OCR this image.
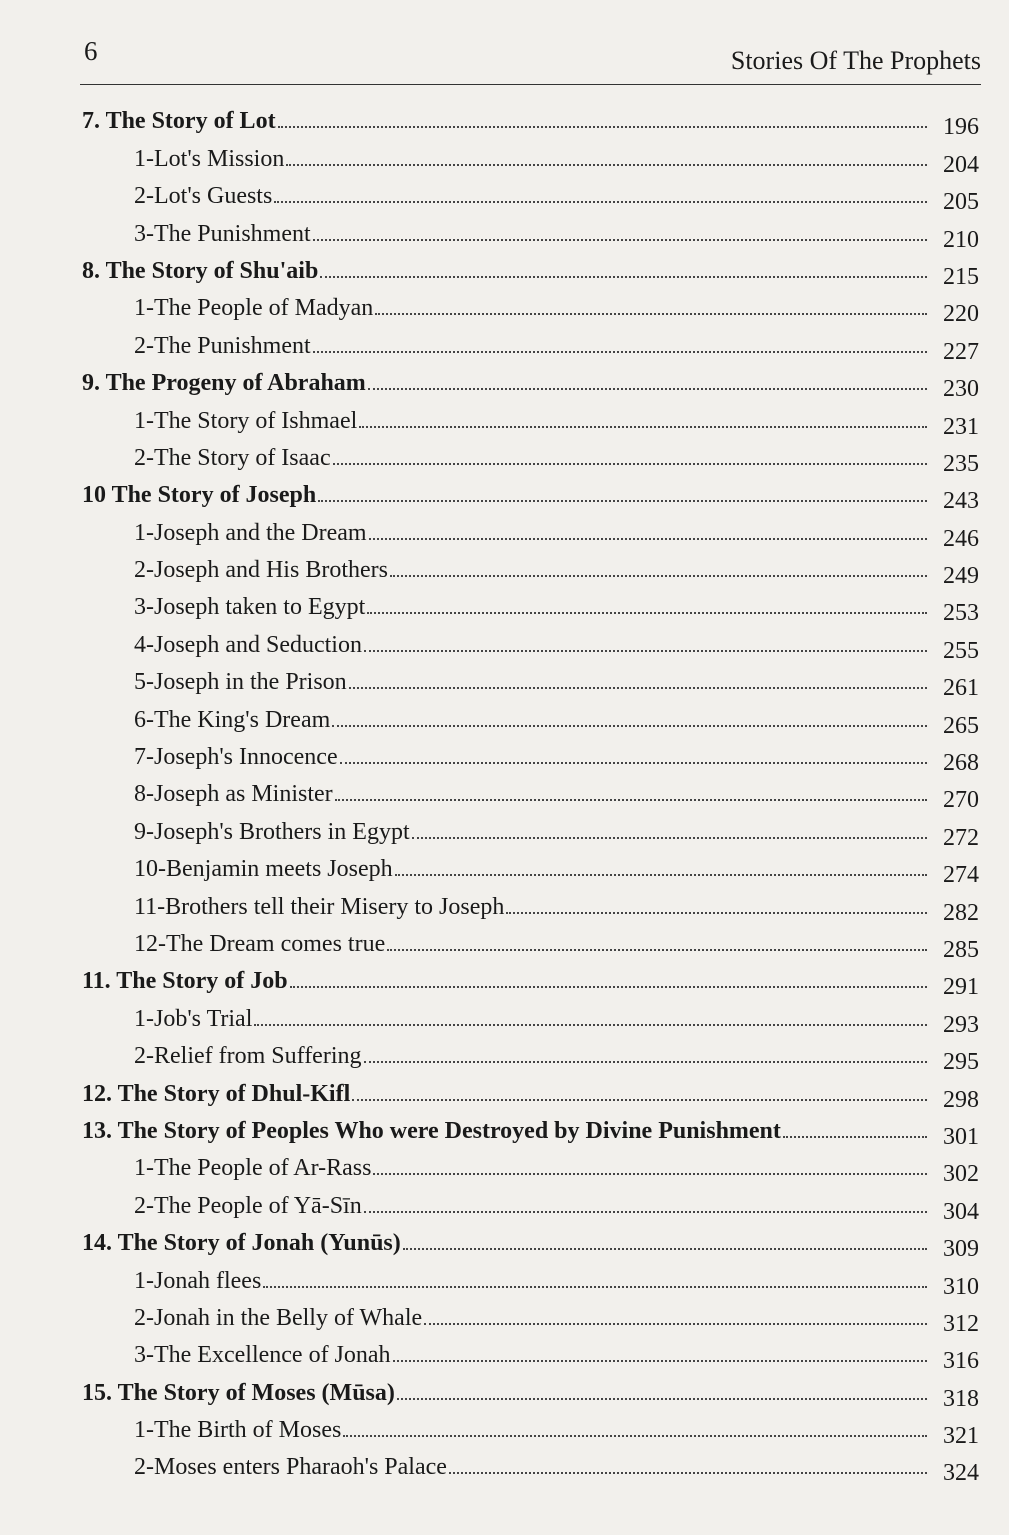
6	Stories Of The Prophets
7. The Story of Lot	196
1-Lot's Mission	204
2-Lot's Guests	205
3-The Punishment	210
8. The Story of Shu'aib	215
1-The People of Madyan	220
2-The Punishment	227
9. The Progeny of Abraham	230
1-The Story of Ishmael	231
2-The Story of Isaac	235
10 The Story of Joseph	243
1-Joseph and the Dream	246
2-Joseph and His Brothers	249
3-Joseph taken to Egypt	253
4-Joseph and Seduction	255
5-Joseph in the Prison	261
6-The King's Dream	265
7-Joseph's Innocence	268
8-Joseph as Minister	270
9-Joseph's Brothers in Egypt	272
10-Benjamin meets Joseph	274
11-Brothers tell their Misery to Joseph	282
12-The Dream comes true	285
11. The Story of Job	291
1-Job's Trial	293
2-Relief from Suffering	295
12. The Story of Dhul-Kifl	298
13. The Story of Peoples Who were Destroyed by Divine Punishment	301
1-The People of Ar-Rass	302
2-The People of Yā-Sīn	304
14. The Story of Jonah (Yunūs)	309
1-Jonah flees	310
2-Jonah in the Belly of Whale	312
3-The Excellence of Jonah	316
15. The Story of Moses (Mūsa)	318
1-The Birth of Moses	321
2-Moses enters Pharaoh's Palace	324
